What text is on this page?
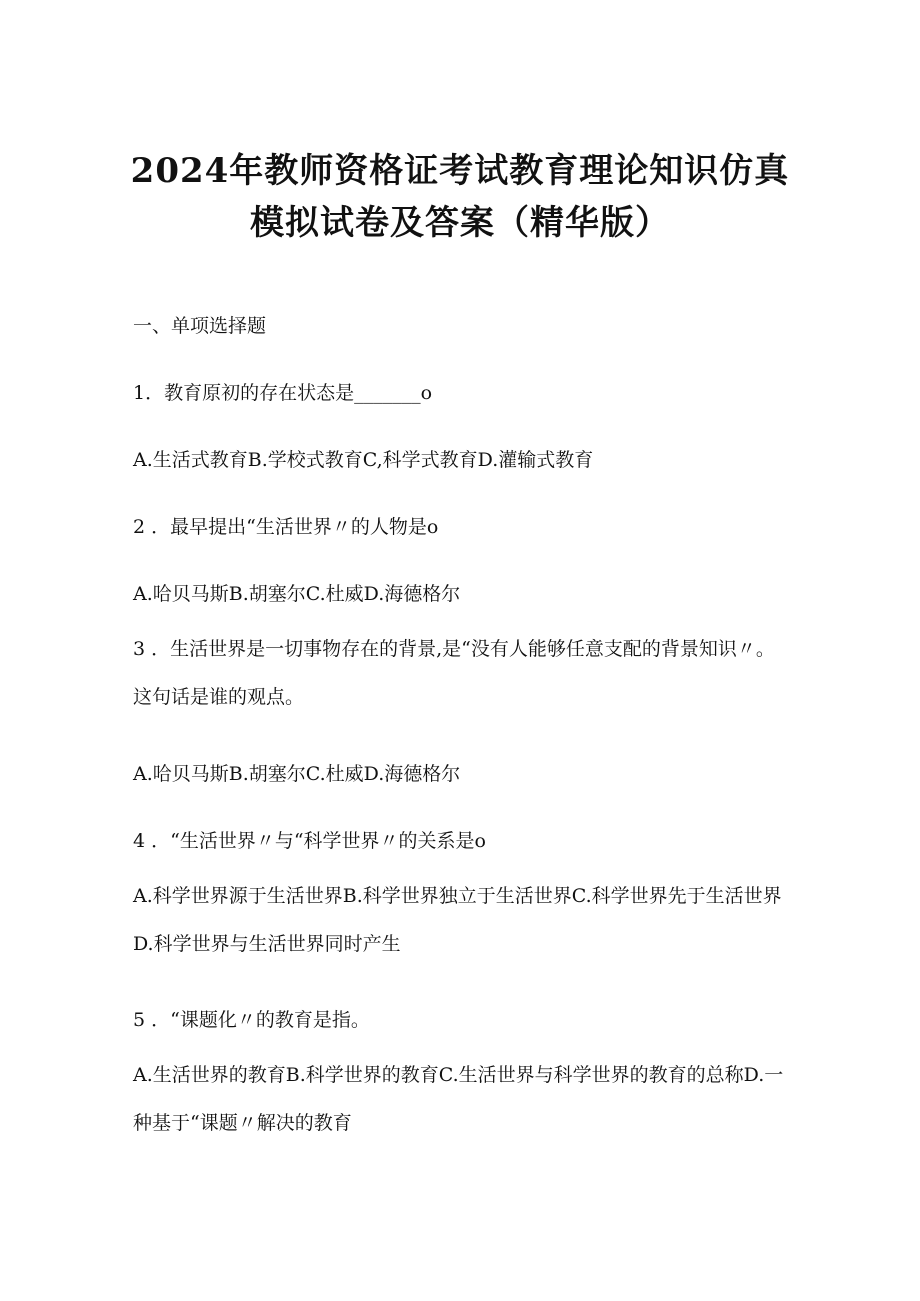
2024年教师资格证考试教育理论知识仿真
模拟试卷及答案（精华版）

一、单项选择题

1．教育原初的存在状态是_______o

A.生活式教育B.学校式教育C,科学式教育D.灌输式教育

2 ．最早提出“生活世界〃的人物是o

A.哈贝马斯B.胡塞尔C.杜威D.海德格尔

3 ．生活世界是一切事物存在的背景,是“没有人能够任意支配的背景知识〃。这句话是谁的观点。

A.哈贝马斯B.胡塞尔C.杜威D.海德格尔

4 ．“生活世界〃与“科学世界〃的关系是o

A.科学世界源于生活世界B.科学世界独立于生活世界C.科学世界先于生活世界D.科学世界与生活世界同时产生

5 ．“课题化〃的教育是指。

A.生活世界的教育B.科学世界的教育C.生活世界与科学世界的教育的总称D.一种基于“课题〃解决的教育
